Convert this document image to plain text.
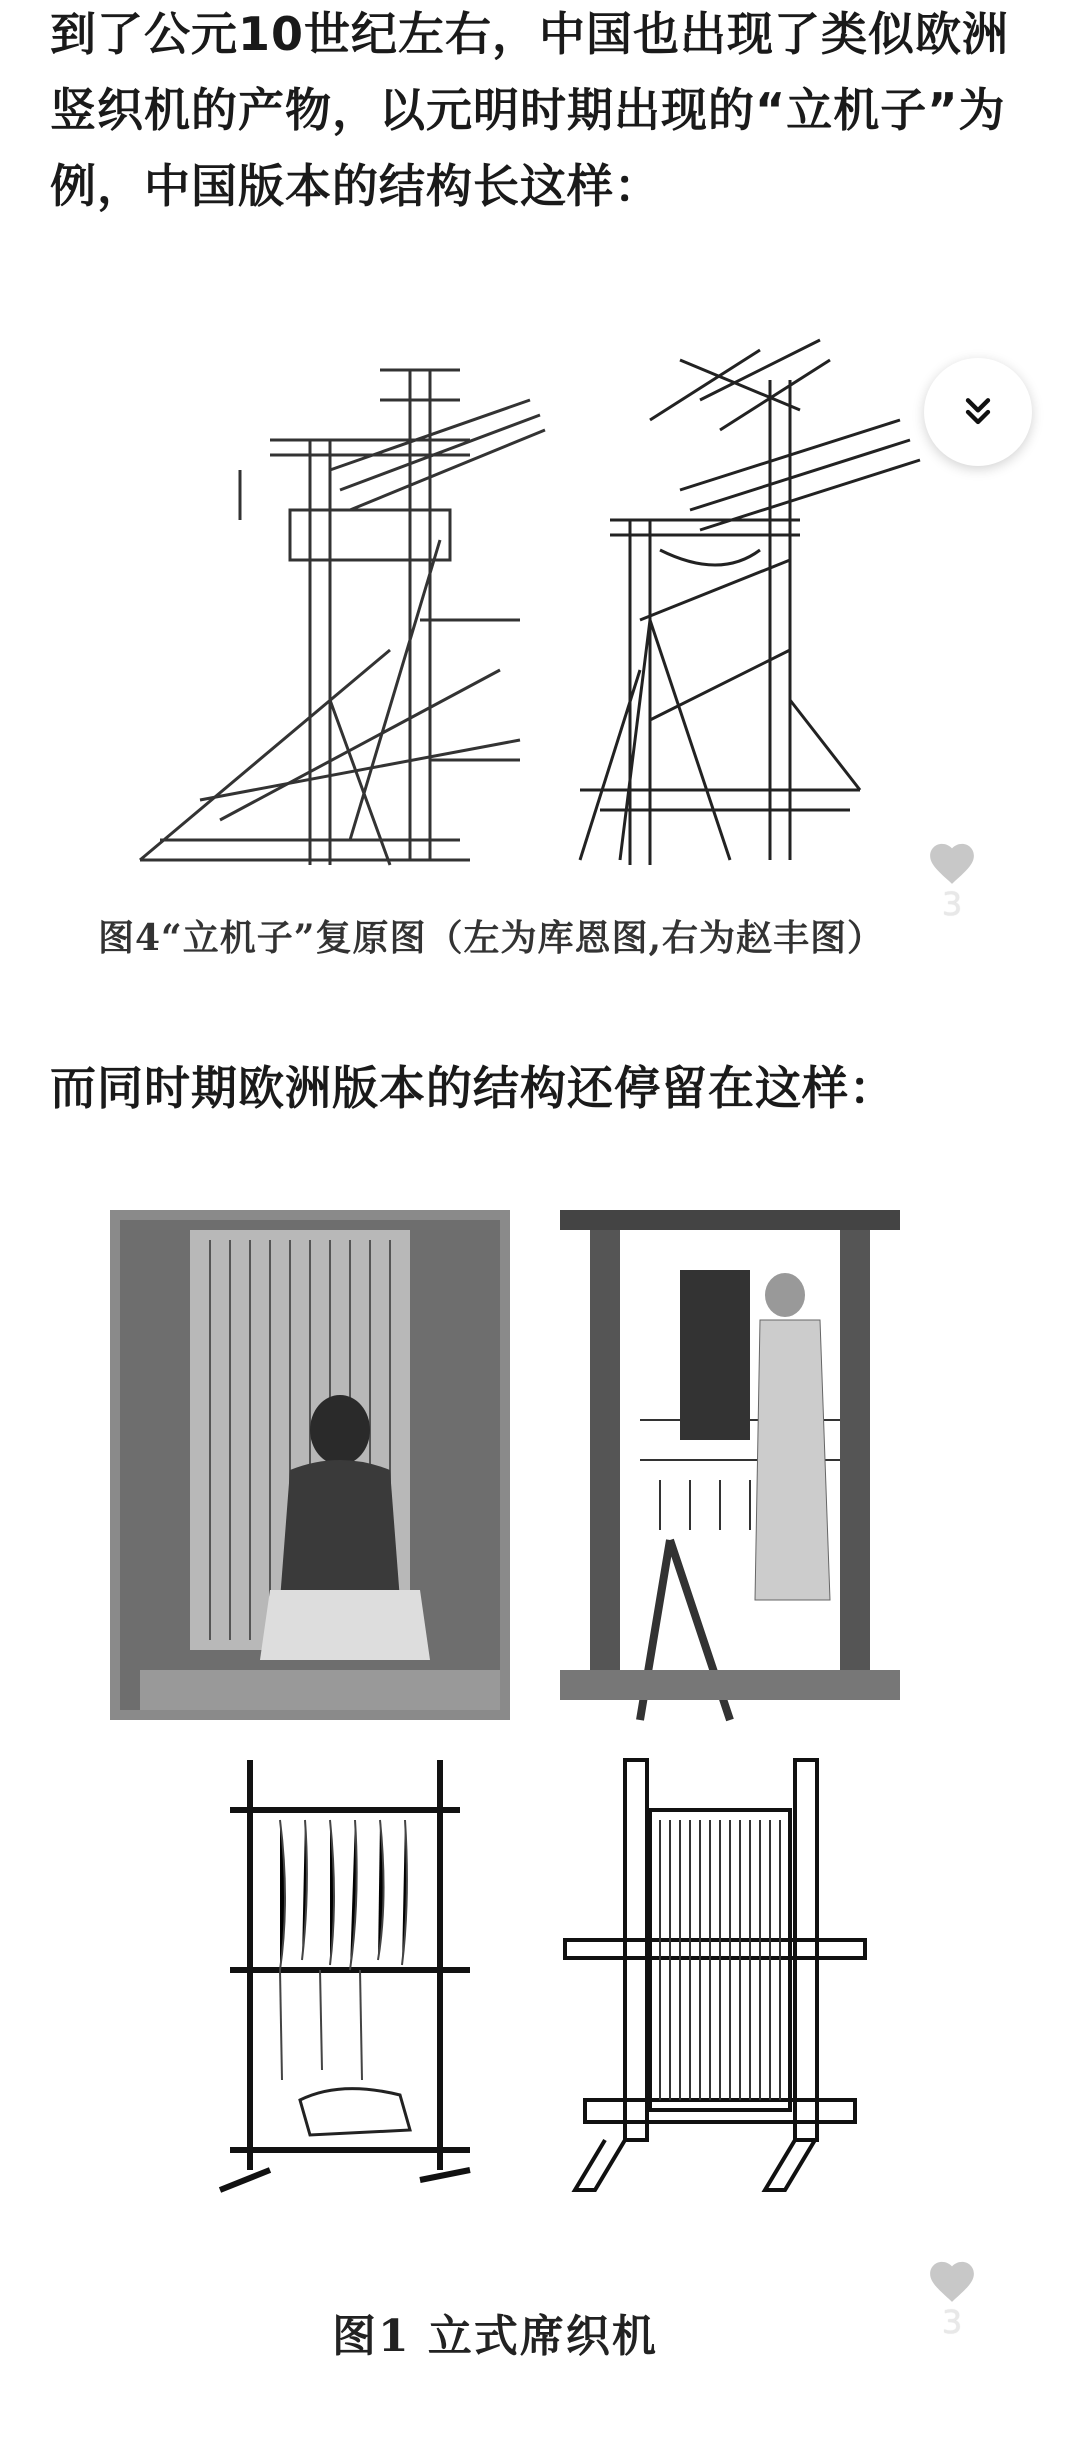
到了公元10世纪左右，中国也出现了类似欧洲竖织机的产物，以元明时期出现的“立机子”为例，中国版本的结构长这样：

图4“立机子”复原图（左为库恩图,右为赵丰图）
3

而同时期欧洲版本的结构还停留在这样：

图1 立式席织机	3
